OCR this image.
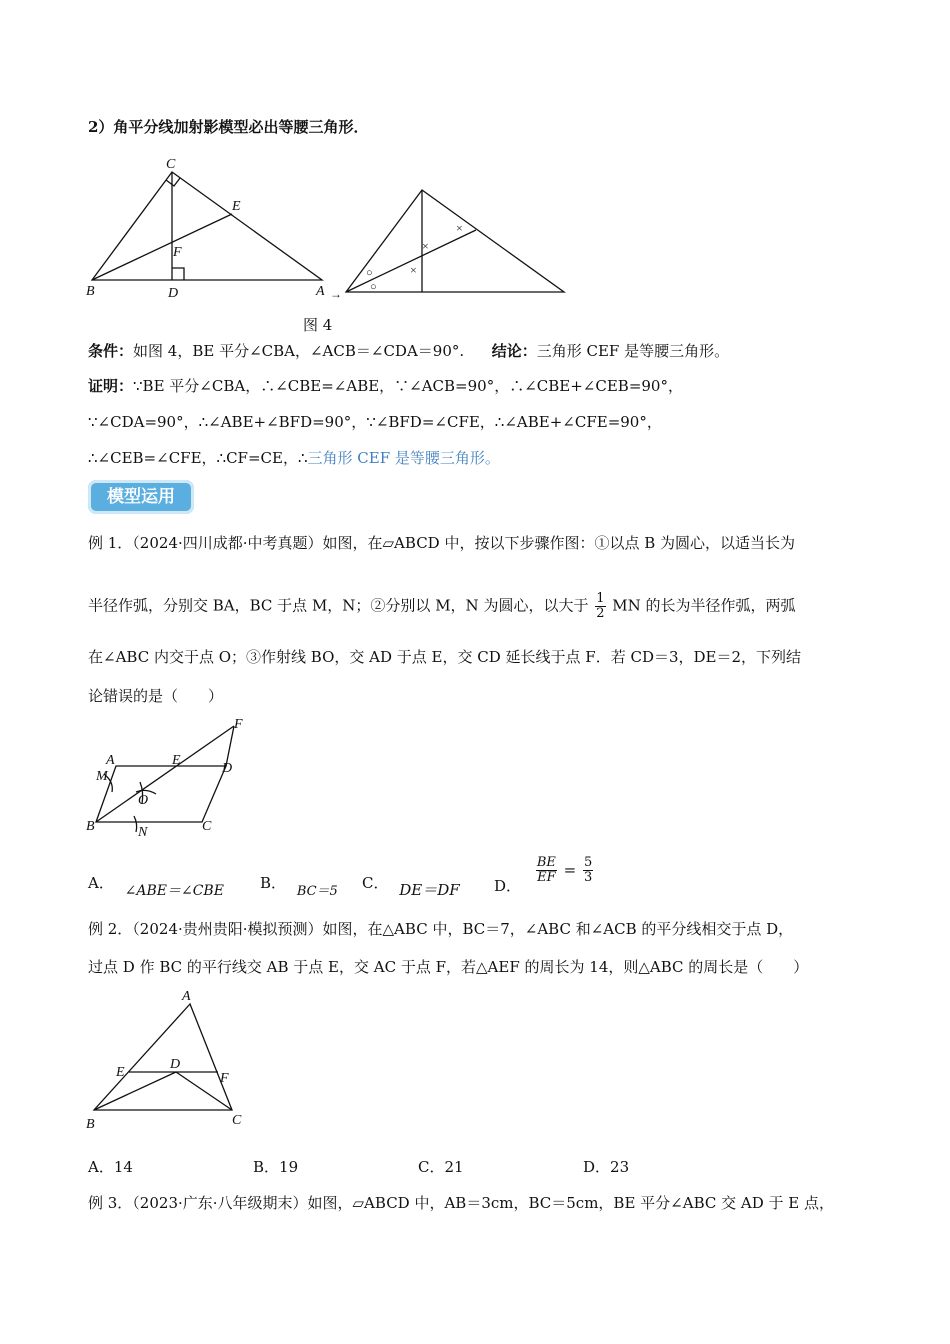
2）角平分线加射影模型必出等腰三角形．
C
E
F
B	D	A →
○
○
×
×
×
图 4
条件：如图 4，BE 平分∠CBA，∠ACB＝∠CDA＝90°. 结论：三角形 CEF 是等腰三角形。
证明：∵BE 平分∠CBA，∴∠CBE=∠ABE，∵∠ACB=90°，∴∠CBE+∠CEB=90°，
∵∠CDA=90°，∴∠ABE+∠BFD=90°，∵∠BFD=∠CFE，∴∠ABE+∠CFE=90°，
∴∠CEB=∠CFE，∴CF=CE，∴三角形 CEF 是等腰三角形。
模型运用
例 1．（2024·四川成都·中考真题）如图，在▱ABCD 中，按以下步骤作图：①以点 B 为圆心，以适当长为
半径作弧，分别交 BA，BC 于点 M，N；②分别以 M，N 为圆心，以大于 $\frac{1}{2}$ MN 的长为半径作弧，两弧
在∠ABC 内交于点 O；③作射线 BO，交 AD 于点 E，交 CD 延长线于点 F．若 CD＝3，DE＝2，下列结
论错误的是（　　）
A	E
F
M
D
O
B	N	C
A． ∠ABE＝∠CBE B． BC＝5 C． DE＝DF D．
$\frac{BE}{EF} = \frac{5}{3}$
例 2．（2024·贵州贵阳·模拟预测）如图，在△ABC 中，BC＝7，∠ABC 和∠ACB 的平分线相交于点 D，
过点 D 作 BC 的平行线交 AB 于点 E，交 AC 于点 F，若△AEF 的周长为 14，则△ABC 的周长是（　　）
A
E
D
F
B	C
A．14	B．19	C．21	D．23
例 3．（2023·广东·八年级期末）如图，▱ABCD 中，AB＝3cm，BC＝5cm，BE 平分∠ABC 交 AD 于 E 点，
